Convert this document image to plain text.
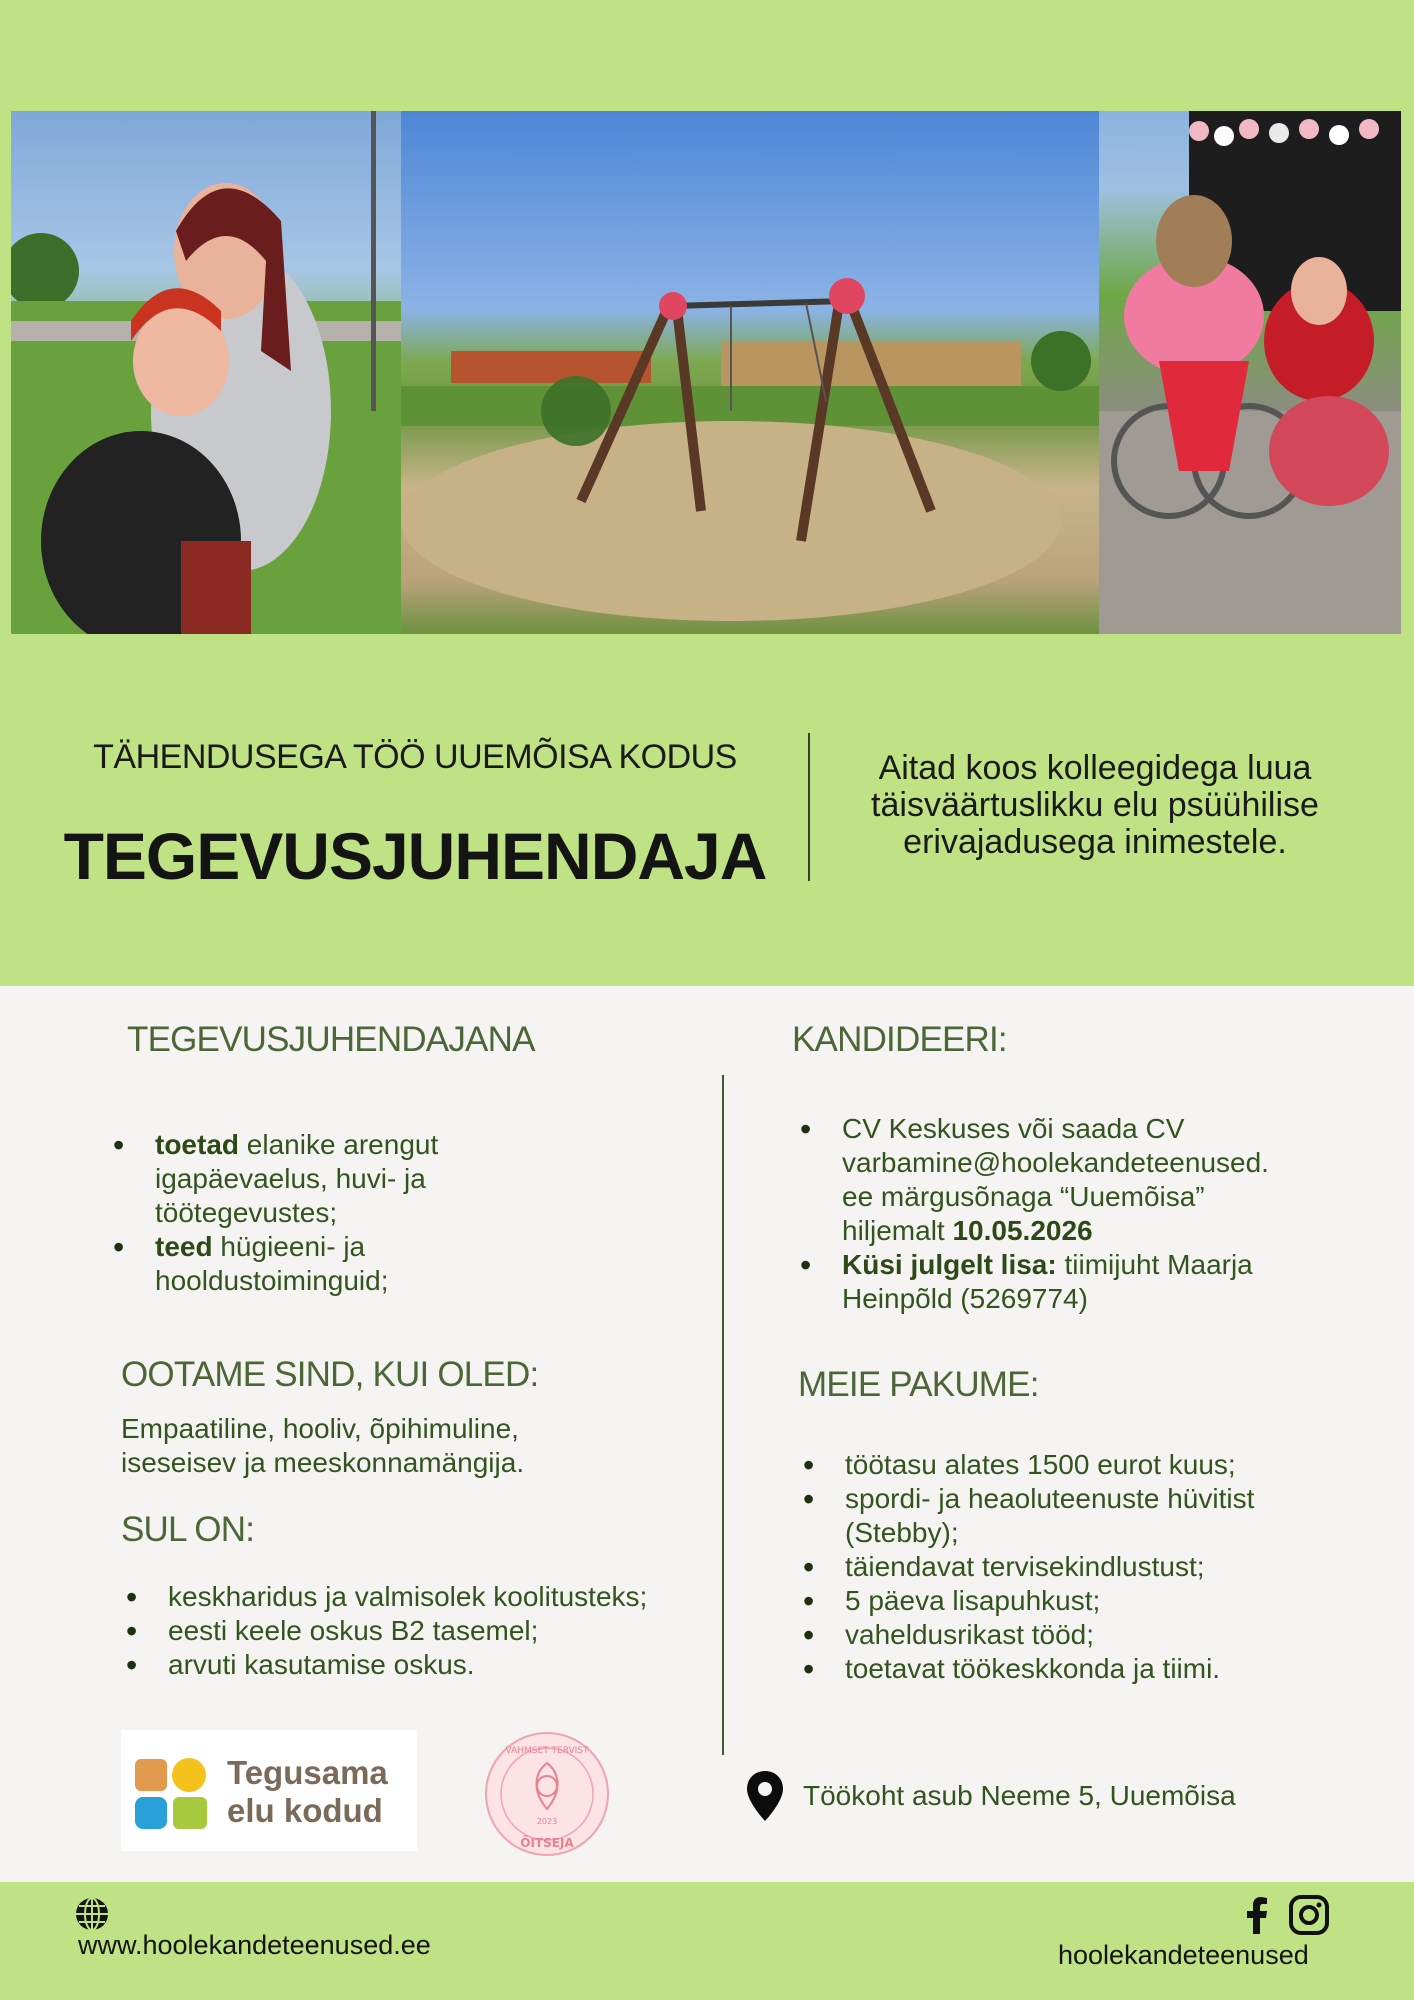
TÄHENDUSEGA TÖÖ UUEMÕISA KODUS
TEGEVUSJUHENDAJA
Aitad koos kolleegidega luua
täisväärtuslikku elu psüühilise
erivajadusega inimestele.
TEGEVUSJUHENDAJANA
• toetad elanike arengut
igapäevaelus, huvi- ja
töötegevustes;
• teed hügieeni- ja
hooldustoiminguid;
OOTAME SIND, KUI OLED:
Empaatiline, hooliv, õpihimuline,
iseseisev ja meeskonnamängija.
SUL ON:
• keskharidus ja valmisolek koolitusteks;
• eesti keele oskus B2 tasemel;
• arvuti kasutamise oskus.
KANDIDEERI:
• CV Keskuses või saada CV
varbamine@hoolekandeteenused.
ee märgusõnaga “Uuemõisa”
hiljemalt 10.05.2026
• Küsi julgelt lisa: tiimijuht Maarja
Heinpõld (5269774)
MEIE PAKUME:
• töötasu alates 1500 eurot kuus;
• spordi- ja heaoluteenuste hüvitist
(Stebby);
• täiendavat tervisekindlustust;
• 5 päeva lisapuhkust;
• vaheldusrikast tööd;
• toetavat töökeskkonda ja tiimi.
Tegusama
elu kodud
VAHMSET TERVIST
2023
ÕITSEJA
Töökoht asub Neeme 5, Uuemõisa
www.hoolekandeteenused.ee	hoolekandeteenused
